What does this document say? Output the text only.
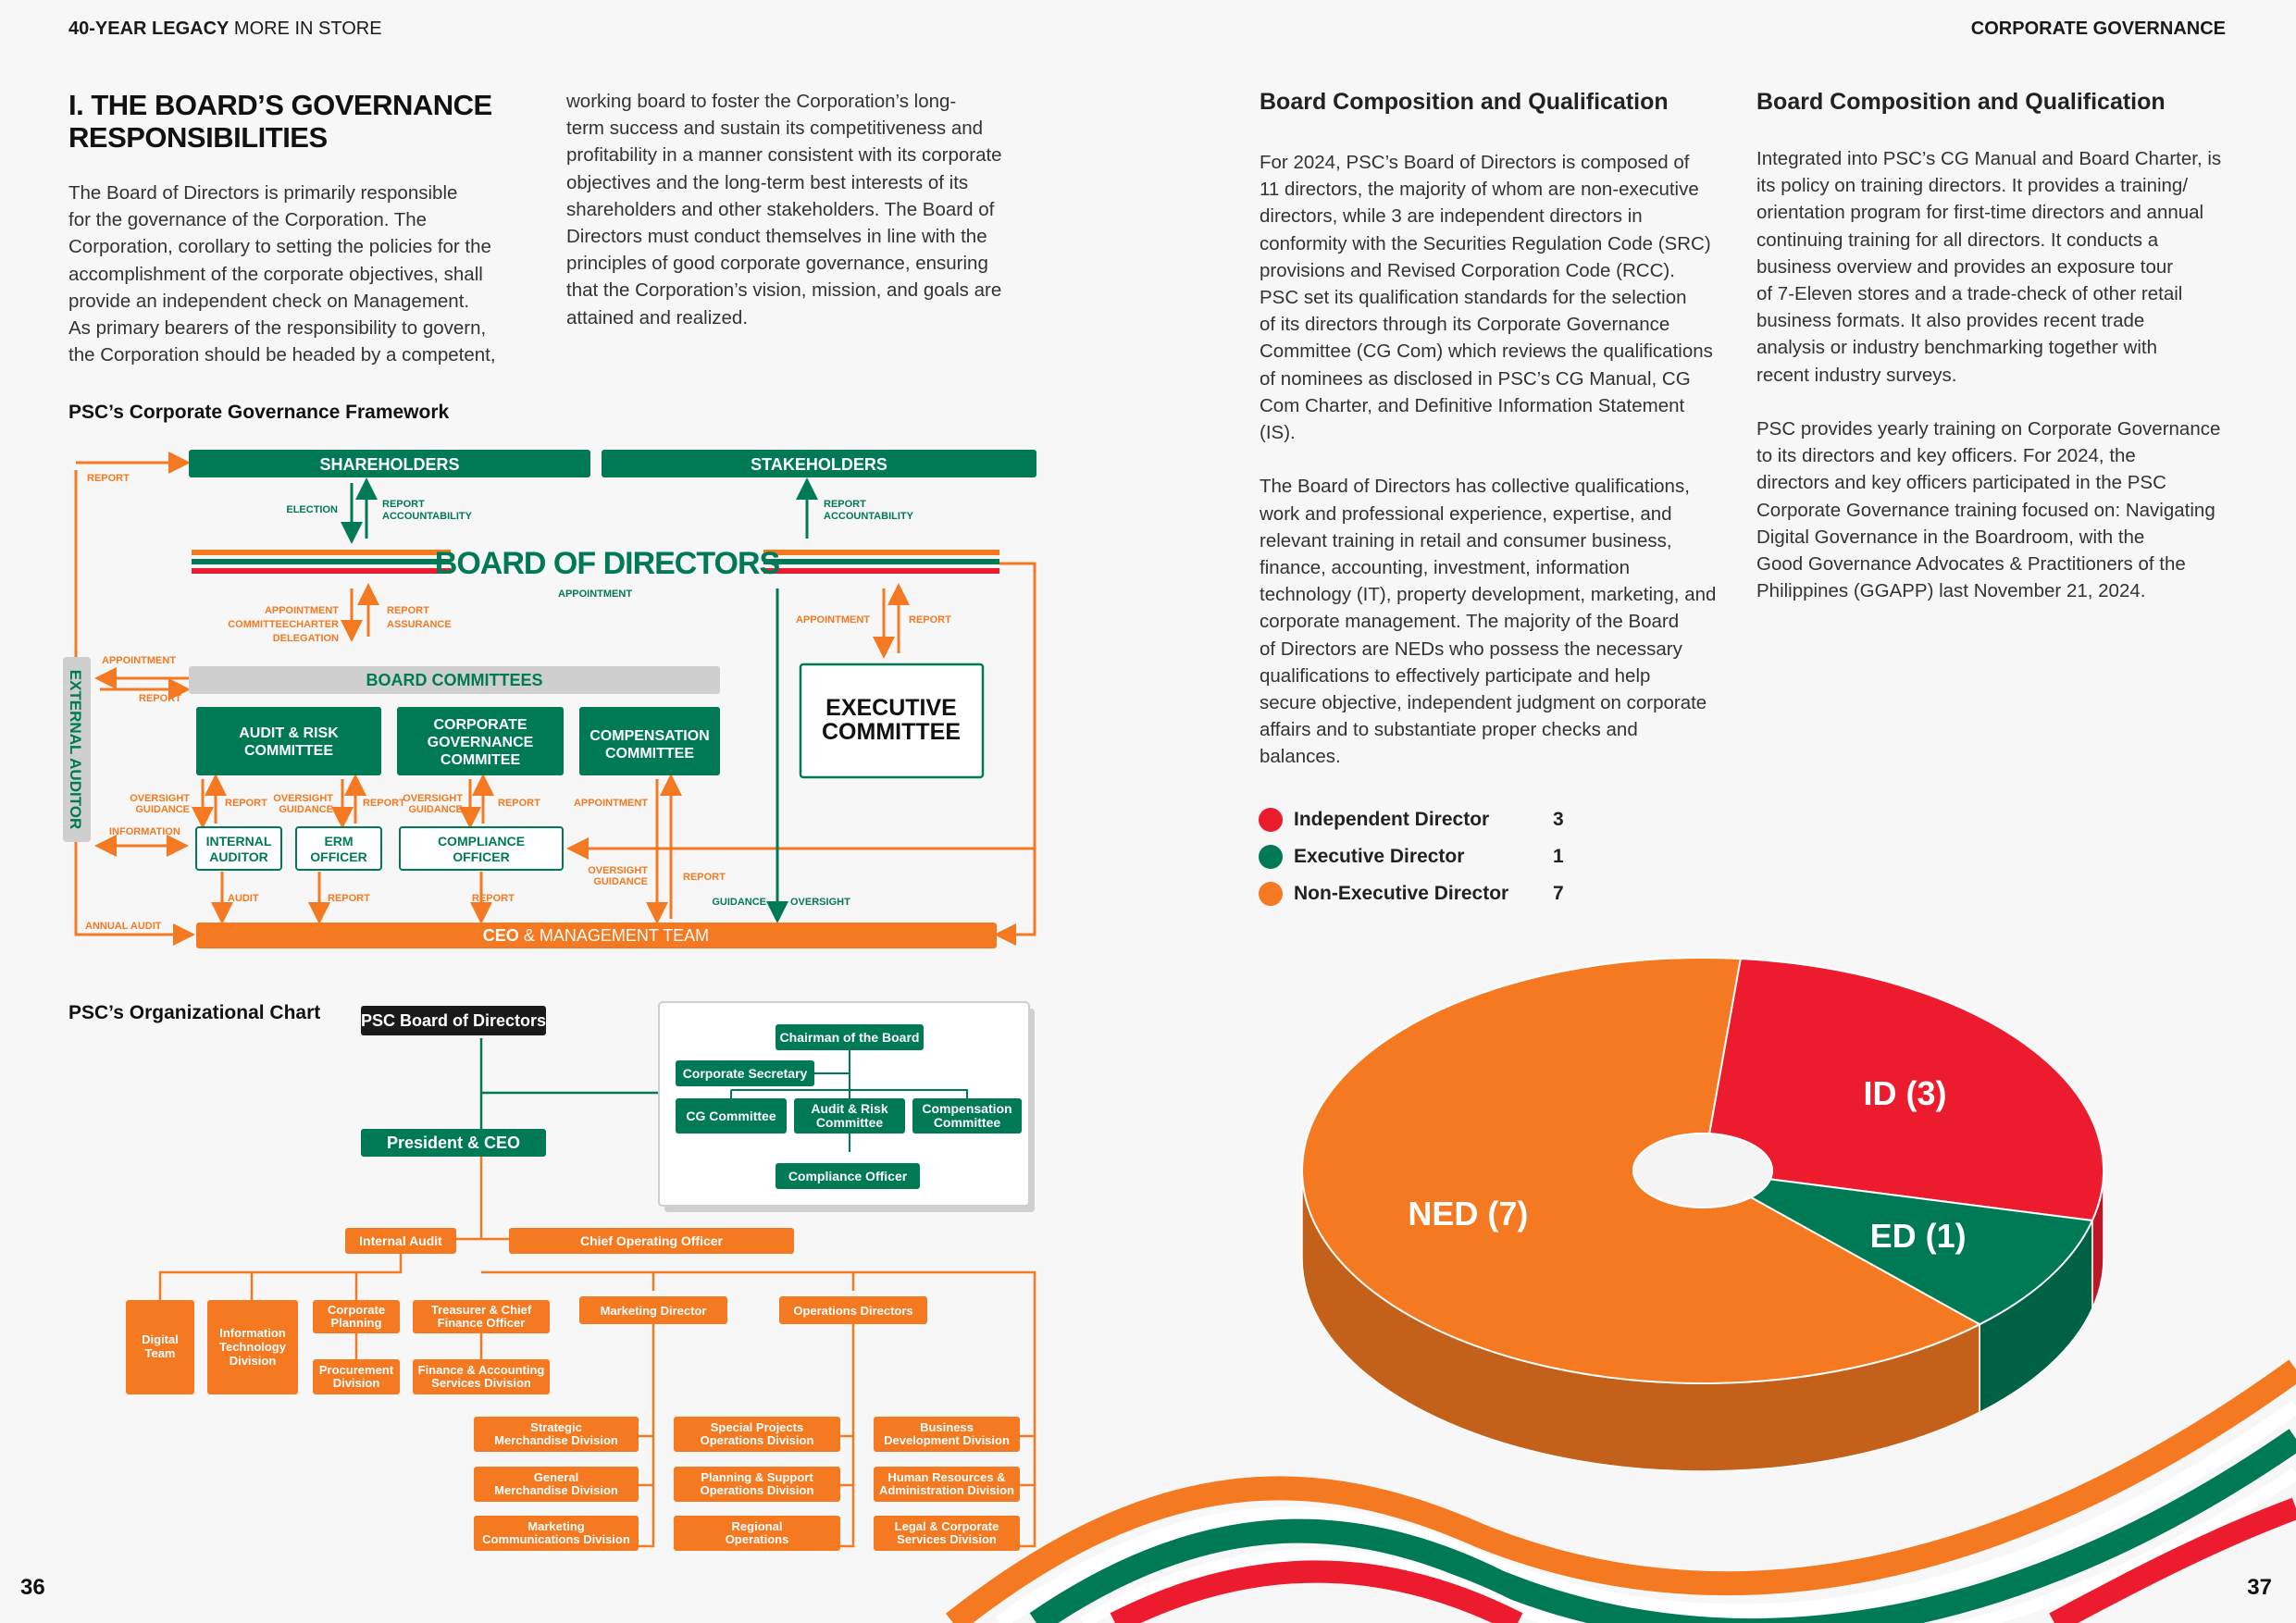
40-YEAR LEGACY MORE IN STORE	CORPORATE GOVERNANCE
I. THE BOARD’S GOVERNANCE
RESPONSIBILITIES

The Board of Directors is primarily responsible

for the governance of the Corporation. The

Corporation, corollary to setting the policies for the

accomplishment of the corporate objectives, shall

provide an independent check on Management.

As primary bearers of the responsibility to govern,

the Corporation should be headed by a competent,

working board to foster the Corporation’s long-

term success and sustain its competitiveness and

profitability in a manner consistent with its corporate

objectives and the long-term best interests of its

shareholders and other stakeholders. The Board of

Directors must conduct themselves in line with the

principles of good corporate governance, ensuring

that the Corporation’s vision, mission, and goals are

attained and realized.

PSC’s Corporate Governance Framework
PSC’s Organizational Chart
SHAREHOLDERS	STAKEHOLDERS
BOARD OF DIRECTORS
BOARD COMMITTEES
AUDIT & RISK
COMMITTEE
CORPORATE
GOVERNANCE
COMMITEE
COMPENSATION
COMMITTEE
EXECUTIVE
COMMITTEE
INTERNAL
AUDITOR
ERM
OFFICER
COMPLIANCE
OFFICER
EXTERNAL AUDITOR
CEO & MANAGEMENT TEAM
REPORT
ELECTION	REPORT
ACCOUNTABILITY
REPORT
ACCOUNTABILITY
APPOINTMENT
APPOINTMENT
COMMITTEECHARTER
DELEGATION
REPORT
ASSURANCE	APPOINTMENT	REPORT
APPOINTMENT
REPORT
OVERSIGHT
GUIDANCE
REPORT OVERSIGHT
GUIDANCE
REPORT
OVERSIGHT
GUIDANCE
REPORT	APPOINTMENT
INFORMATION
OVERSIGHT
GUIDANCE	REPORT
AUDIT	REPORT	REPORT	GUIDANCE OVERSIGHT
ANNUAL AUDIT
PSC Board of Directors
President & CEO
Chairman of the Board
Corporate Secretary
CG Committee	Audit & Risk
Committee
Compensation
Committee
Compliance Officer
Internal Audit	Chief Operating Officer
Digital
Team
Information
Technology
Division
Corporate
Planning
Procurement
Division
Treasurer & Chief
Finance Officer
Finance & Accounting
Services Division
Marketing Director	Operations Directors
Strategic
Merchandise Division
General
Merchandise Division
Marketing
Communications Division
Special Projects
Operations Division
Planning & Support
Operations Division
Regional
Operations
Business
Development Division
Human Resources &
Administration Division
Legal & Corporate
Services Division
Board Composition and Qualification

For 2024, PSC’s Board of Directors is composed of

11 directors, the majority of whom are non-executive

directors, while 3 are independent directors in

conformity with the Securities Regulation Code (SRC)

provisions and Revised Corporation Code (RCC).

PSC set its qualification standards for the selection

of its directors through its Corporate Governance

Committee (CG Com) which reviews the qualifications

of nominees as disclosed in PSC’s CG Manual, CG

Com Charter, and Definitive Information Statement

(IS).

The Board of Directors has collective qualifications,

work and professional experience, expertise, and

relevant training in retail and consumer business,

finance, accounting, investment, information

technology (IT), property development, marketing, and

corporate management. The majority of the Board

of Directors are NEDs who possess the necessary

qualifications to effectively participate and help

secure objective, independent judgment on corporate

affairs and to substantiate proper checks and

balances.

Board Composition and Qualification

Integrated into PSC’s CG Manual and Board Charter, is

its policy on training directors. It provides a training/

orientation program for first-time directors and annual

continuing training for all directors. It conducts a

business overview and provides an exposure tour

of 7-Eleven stores and a trade-check of other retail

business formats. It also provides recent trade

analysis or industry benchmarking together with

recent industry surveys.

PSC provides yearly training on Corporate Governance

to its directors and key officers. For 2024, the

directors and key officers participated in the PSC

Corporate Governance training focused on: Navigating

Digital Governance in the Boardroom, with the

Good Governance Advocates & Practitioners of the

Philippines (GGAPP) last November 21, 2024.

Independent Director	3
Executive Director	1
Non-Executive Director	7
ID (3)
ED (1)
NED (7)
36	37
